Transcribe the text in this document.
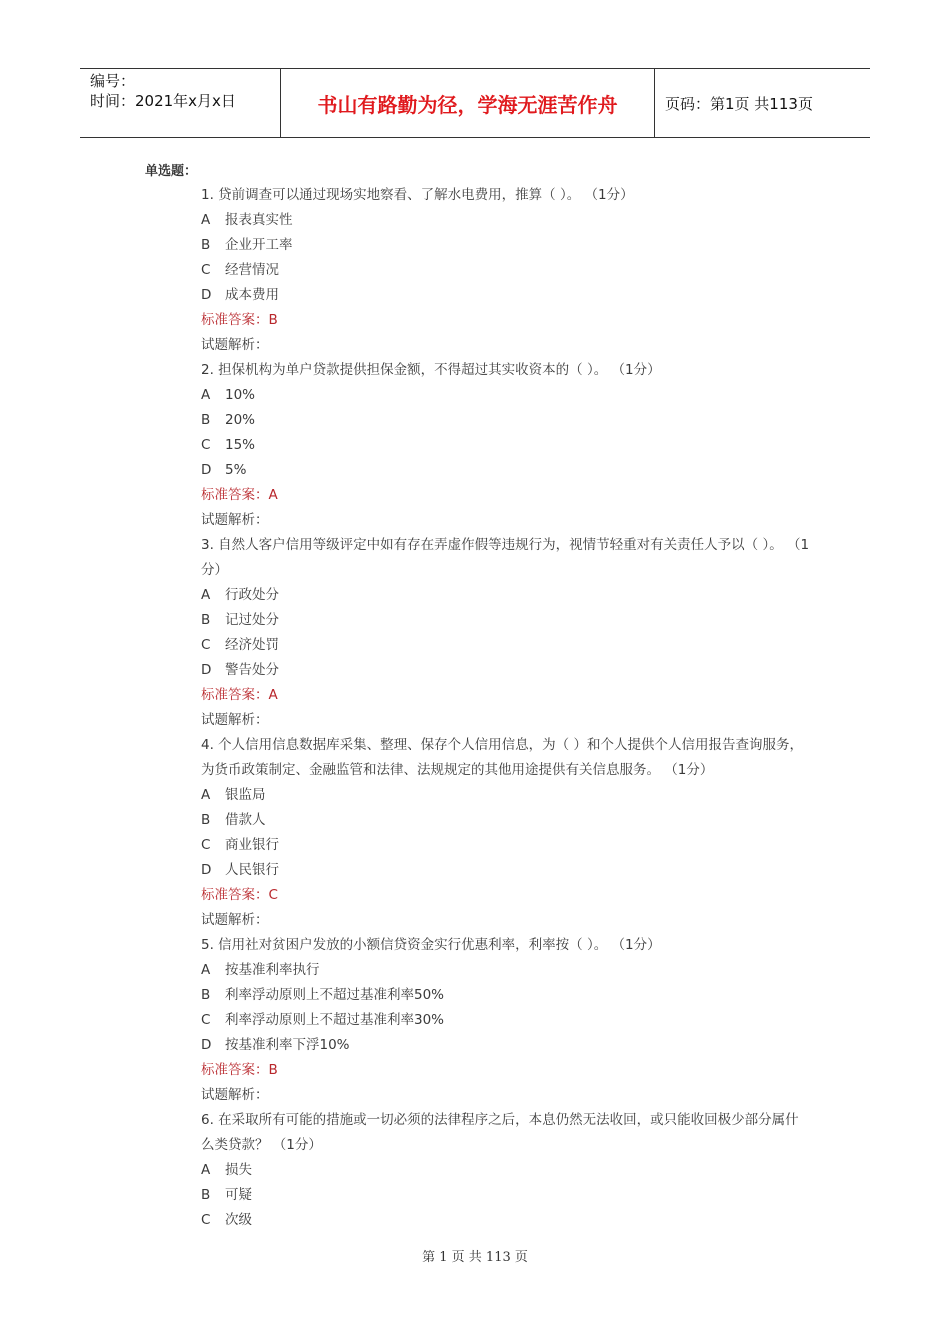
编号：
时间：2021年x月x日	书山有路勤为径，学海无涯苦作舟	页码：第1页 共113页
单选题：
1. 贷前调查可以通过现场实地察看、了解水电费用，推算（ ）。 （1分）
A 报表真实性
B 企业开工率
C 经营情况
D 成本费用
标准答案：B
试题解析：
2. 担保机构为单户贷款提供担保金额，不得超过其实收资本的（ ）。 （1分）
A 10%
B 20%
C 15%
D 5%
标准答案：A
试题解析：
3. 自然人客户信用等级评定中如有存在弄虚作假等违规行为，视情节轻重对有关责任人予以（ ）。 （1分）
A 行政处分
B 记过处分
C 经济处罚
D 警告处分
标准答案：A
试题解析：
4. 个人信用信息数据库采集、整理、保存个人信用信息，为（ ）和个人提供个人信用报告查询服务，为货币政策制定、金融监管和法律、法规规定的其他用途提供有关信息服务。 （1分）
A 银监局
B 借款人
C 商业银行
D 人民银行
标准答案：C
试题解析：
5. 信用社对贫困户发放的小额信贷资金实行优惠利率，利率按（ ）。 （1分）
A 按基准利率执行
B 利率浮动原则上不超过基准利率50%
C 利率浮动原则上不超过基准利率30%
D 按基准利率下浮10%
标准答案：B
试题解析：
6. 在采取所有可能的措施或一切必须的法律程序之后，本息仍然无法收回，或只能收回极少部分属什么类贷款？ （1分）
A 损失
B 可疑
C 次级
第 1 页 共 113 页
